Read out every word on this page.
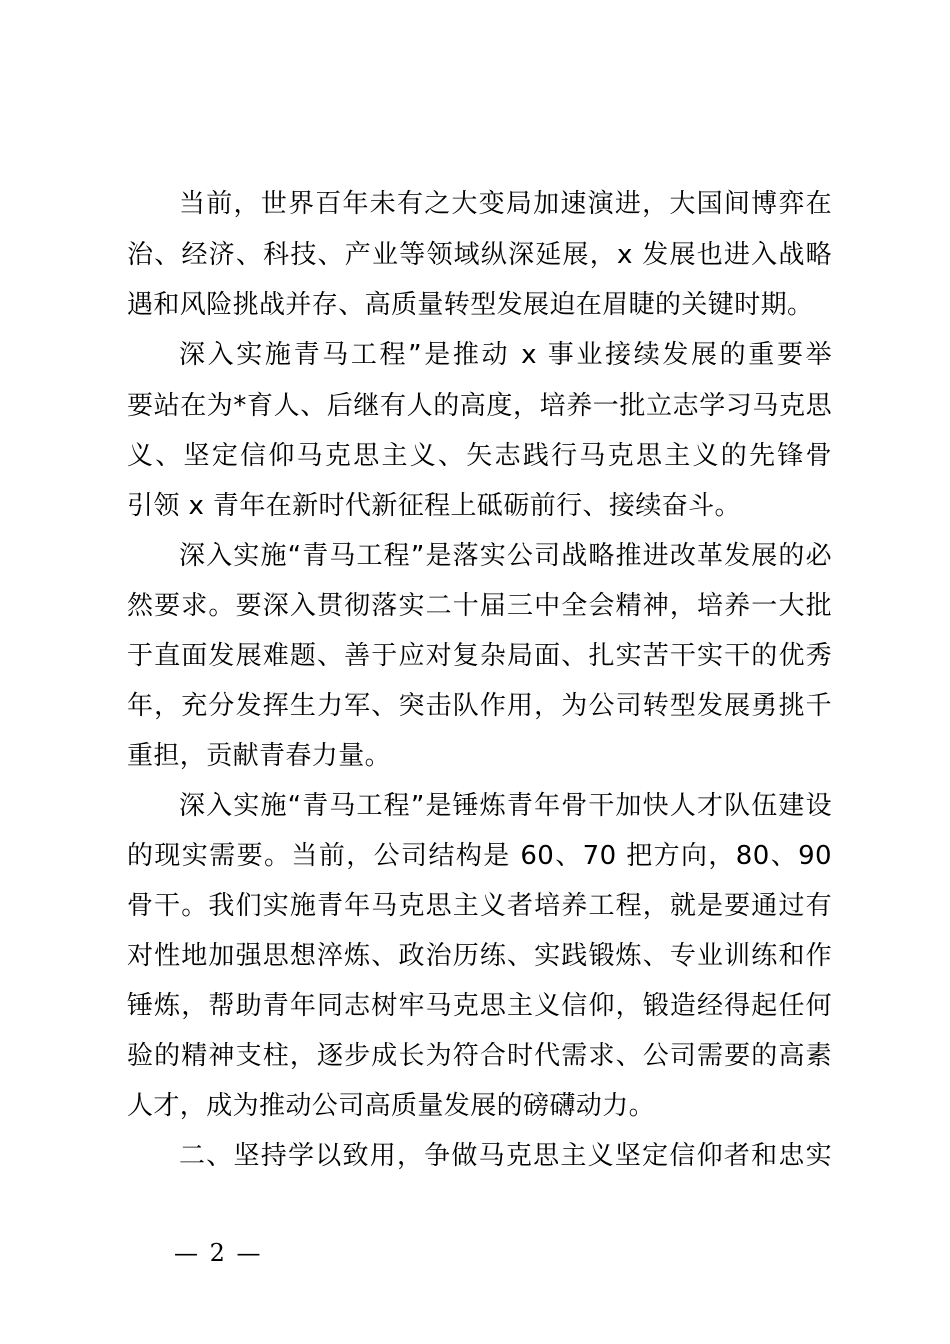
当前，世界百年未有之大变局加速演进，大国间博弈在
治、经济、科技、产业等领域纵深延展，x 发展也进入战略
遇和风险挑战并存、高质量转型发展迫在眉睫的关键时期。
深入实施青马工程”是推动 x 事业接续发展的重要举
要站在为*育人、后继有人的高度，培养一批立志学习马克思
义、坚定信仰马克思主义、矢志践行马克思主义的先锋骨
引领 x 青年在新时代新征程上砥砺前行、接续奋斗。
深入实施“青马工程”是落实公司战略推进改革发展的必
然要求。要深入贯彻落实二十届三中全会精神，培养一大批
于直面发展难题、善于应对复杂局面、扎实苦干实干的优秀
年，充分发挥生力军、突击队作用，为公司转型发展勇挑千
重担，贡献青春力量。
深入实施“青马工程”是锤炼青年骨干加快人才队伍建设
的现实需要。当前，公司结构是 60、70 把方向，80、90
骨干。我们实施青年马克思主义者培养工程，就是要通过有
对性地加强思想淬炼、政治历练、实践锻炼、专业训练和作
锤炼，帮助青年同志树牢马克思主义信仰，锻造经得起任何
验的精神支柱，逐步成长为符合时代需求、公司需要的高素
人才，成为推动公司高质量发展的磅礴动力。
二、坚持学以致用，争做马克思主义坚定信仰者和忠实
— 2 —
